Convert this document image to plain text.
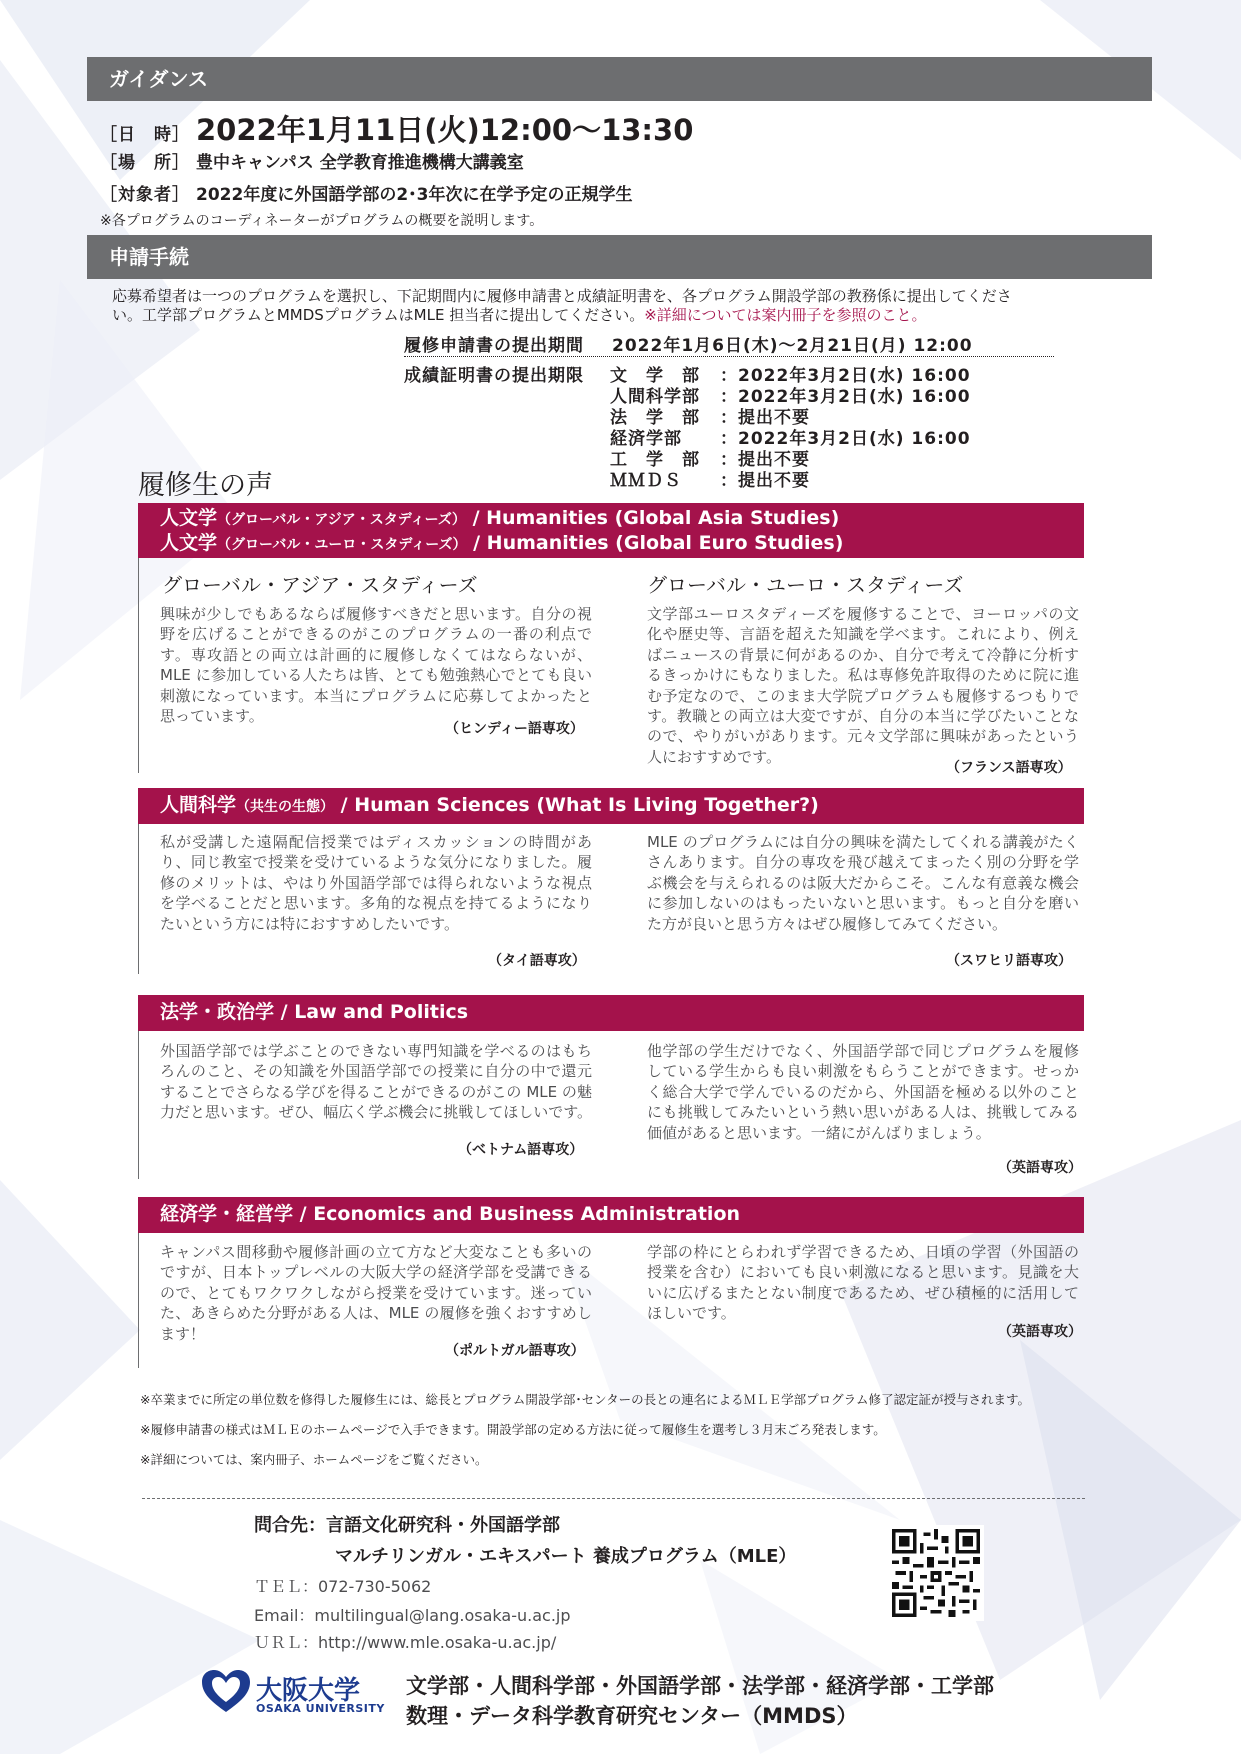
ガイダンス
［日　時］ 2022年1月11日(火)12:00～13:30
［場　所］ 豊中キャンパス 全学教育推進機構大講義室
［対象者］ 2022年度に外国語学部の2･3年次に在学予定の正規学生
※各プログラムのコーディネーターがプログラムの概要を説明します。
申請手続
応募希望者は一つのプログラムを選択し、下記期間内に履修申請書と成績証明書を、各プログラム開設学部の教務係に提出してくださ
い。工学部プログラムとMMDSプログラムはMLE 担当者に提出してください。※詳細については案内冊子を参照のこと。
履修申請書の提出期間 2022年1月6日(木)～2月21日(月) 12:00
成績証明書の提出期限 文　学　部 ：2022年3月2日(水) 16:00
人間科学部 ：2022年3月2日(水) 16:00
法　学　部 ：提出不要
経済学部 ：2022年3月2日(水) 16:00
工　学　部 ：提出不要
ＭＭＤＳ ：提出不要
履修生の声
人文学（グローバル・アジア・スタディーズ） / Humanities (Global Asia Studies)
人文学（グローバル・ユーロ・スタディーズ） / Humanities (Global Euro Studies)
グローバル・アジア・スタディーズ	グローバル・ユーロ・スタディーズ
興味が少しでもあるならば履修すべきだと思います。自分の視野を広げることができるのがこのプログラムの一番の利点です。専攻語との両立は計画的に履修しなくてはならないが、MLE に参加している人たちは皆、とても勉強熱心でとても良い刺激になっています。本当にプログラムに応募してよかったと思っています。
（ヒンディー語専攻）
文学部ユーロスタディーズを履修することで、ヨーロッパの文化や歴史等、言語を超えた知識を学べます。これにより、例えばニュースの背景に何があるのか、自分で考えて冷静に分析するきっかけにもなりました。私は専修免許取得のために院に進む予定なので、このまま大学院プログラムも履修するつもりです。教職との両立は大変ですが、自分の本当に学びたいことなので、やりがいがあります。元々文学部に興味があったという人におすすめです。
（フランス語専攻）
人間科学（共生の生態） / Human Sciences (What Is Living Together?)
私が受講した遠隔配信授業ではディスカッションの時間があり、同じ教室で授業を受けているような気分になりました。履修のメリットは、やはり外国語学部では得られないような視点を学べることだと思います。多角的な視点を持てるようになりたいという方には特におすすめしたいです。
（タイ語専攻）
MLE のプログラムには自分の興味を満たしてくれる講義がたくさんあります。自分の専攻を飛び越えてまったく別の分野を学ぶ機会を与えられるのは阪大だからこそ。こんな有意義な機会に参加しないのはもったいないと思います。もっと自分を磨いた方が良いと思う方々はぜひ履修してみてください。
（スワヒリ語専攻）
法学・政治学 / Law and Politics
外国語学部では学ぶことのできない専門知識を学べるのはもちろんのこと、その知識を外国語学部での授業に自分の中で還元することでさらなる学びを得ることができるのがこの MLE の魅力だと思います。ぜひ、幅広く学ぶ機会に挑戦してほしいです。
（ベトナム語専攻）
他学部の学生だけでなく、外国語学部で同じプログラムを履修している学生からも良い刺激をもらうことができます。せっかく総合大学で学んでいるのだから、外国語を極める以外のことにも挑戦してみたいという熱い思いがある人は、挑戦してみる価値があると思います。一緒にがんばりましょう。
（英語専攻）
経済学・経営学 / Economics and Business Administration
キャンパス間移動や履修計画の立て方など大変なことも多いのですが、日本トップレベルの大阪大学の経済学部を受講できるので、とてもワクワクしながら授業を受けています。迷っていた、あきらめた分野がある人は、MLE の履修を強くおすすめします！
（ポルトガル語専攻）
学部の枠にとらわれず学習できるため、日頃の学習（外国語の授業を含む）においても良い刺激になると思います。見識を大いに広げるまたとない制度であるため、ぜひ積極的に活用してほしいです。
（英語専攻）
※卒業までに所定の単位数を修得した履修生には、総長とプログラム開設学部･センターの長との連名によるＭＬＥ学部プログラム修了認定証が授与されます。
※履修申請書の様式はＭＬＥのホームページで入手できます。開設学部の定める方法に従って履修生を選考し３月末ごろ発表します。
※詳細については、案内冊子、ホームページをご覧ください。
問合先：言語文化研究科・外国語学部
マルチリンガル・エキスパート 養成プログラム（MLE）
ＴＥＬ：072-730-5062
Email：multilingual@lang.osaka-u.ac.jp
ＵＲＬ：http://www.mle.osaka-u.ac.jp/
大阪大学
OSAKA UNIVERSITY
文学部・人間科学部・外国語学部・法学部・経済学部・工学部
数理・データ科学教育研究センター（MMDS）
